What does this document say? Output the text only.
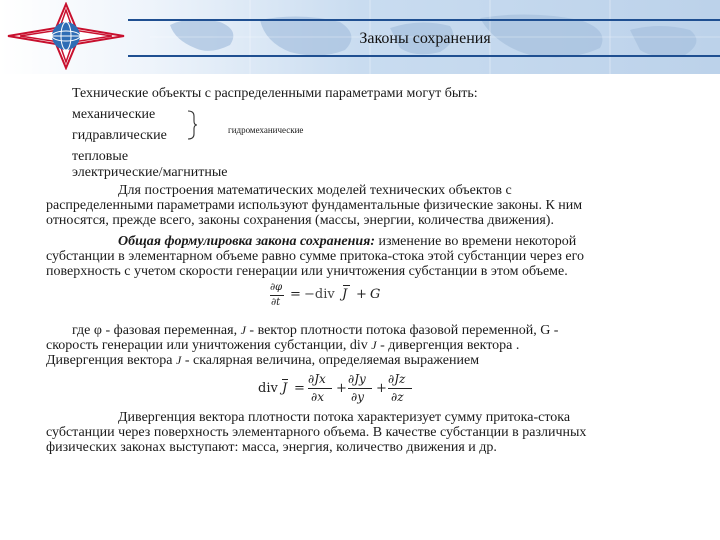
Законы сохранения
Технические объекты с распределенными параметрами могут быть:
механические
гидравлические
тепловые
электрические/магнитные
гидромеханические
Для построения математических моделей технических объектов с
распределенными параметрами используют фундаментальные физические законы. К ним
относятся, прежде всего, законы сохранения (массы, энергии, количества движения).
Общая формулировка закона сохранения: изменение во времени некоторой
субстанции в элементарном объеме равно сумме притока-стока этой субстанции через его
поверхность с учетом скорости генерации или уничтожения субстанции в этом объеме.
∂φ
∂t
= −div J + G
где φ - фазовая переменная, J - вектор плотности потока фазовой переменной, G -
скорость генерации или уничтожения субстанции, div J - дивергенция вектора .
Дивергенция вектора J - скалярная величина, определяемая выражением
div J =
∂Jx
∂x
+
∂Jy
∂y
+
∂Jz
∂z
Дивергенция вектора плотности потока характеризует сумму притока-стока
субстанции через поверхность элементарного объема. В качестве субстанции в различных
физических законах выступают: масса, энергия, количество движения и др.
